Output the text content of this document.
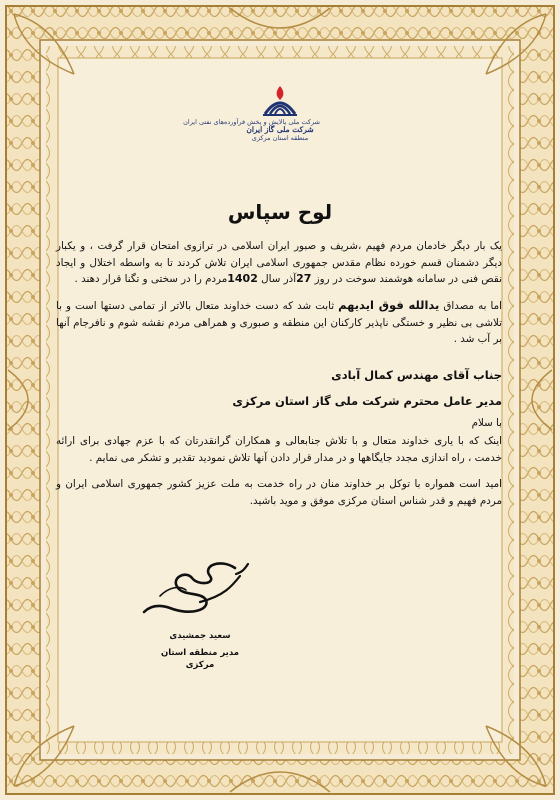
شرکت ملی پالایش و پخش فرآورده‌های نفتی ایران
شرکت ملی گاز ایران
منطقه استان مرکزی
لوح سپاس

یک بار دیگر خادمان مردم فهیم ،شریف و صبور ایران اسلامی در ترازوی امتحان قرار گرفت ، و یکبار دیگر دشمنان قسم خورده نظام مقدس جمهوری اسلامی ایران تلاش کردند تا به واسطه اختلال و ایجاد نقص فنی در سامانه هوشمند سوخت در روز 27آذر سال 1402مردم را در سختی و تگنا قرار دهند .

اما به مصداق یدالله فوق ایدیهم ثابت شد که دست خداوند متعال بالاتر از تمامی دستها است و با تلاشی بی نظیر و خستگی ناپذیر کارکنان این منطقه و صبوری و همراهی مردم نقشه شوم و نافرجام آنها بر آب شد .

جناب آقای مهندس کمال آبادی
مدیر عامل محترم شرکت ملی گاز استان مرکزی
با سلام
اینک که با یاری خداوند متعال و با تلاش جنابعالی و همکاران گرانقدرتان که با عزم جهادی برای ارائه خدمت ، راه اندازی مجدد جایگاهها و در مدار قرار دادن آنها تلاش نمودید تقدیر و تشکر می نمایم .
امید است همواره با توکل بر خداوند منان در راه خدمت به ملت عزیز کشور جمهوری اسلامی ایران و مردم فهیم و قدر شناس استان مرکزی موفق و موید باشید.
سعید جمشیدی
مدیر منطقه استان مرکزی
